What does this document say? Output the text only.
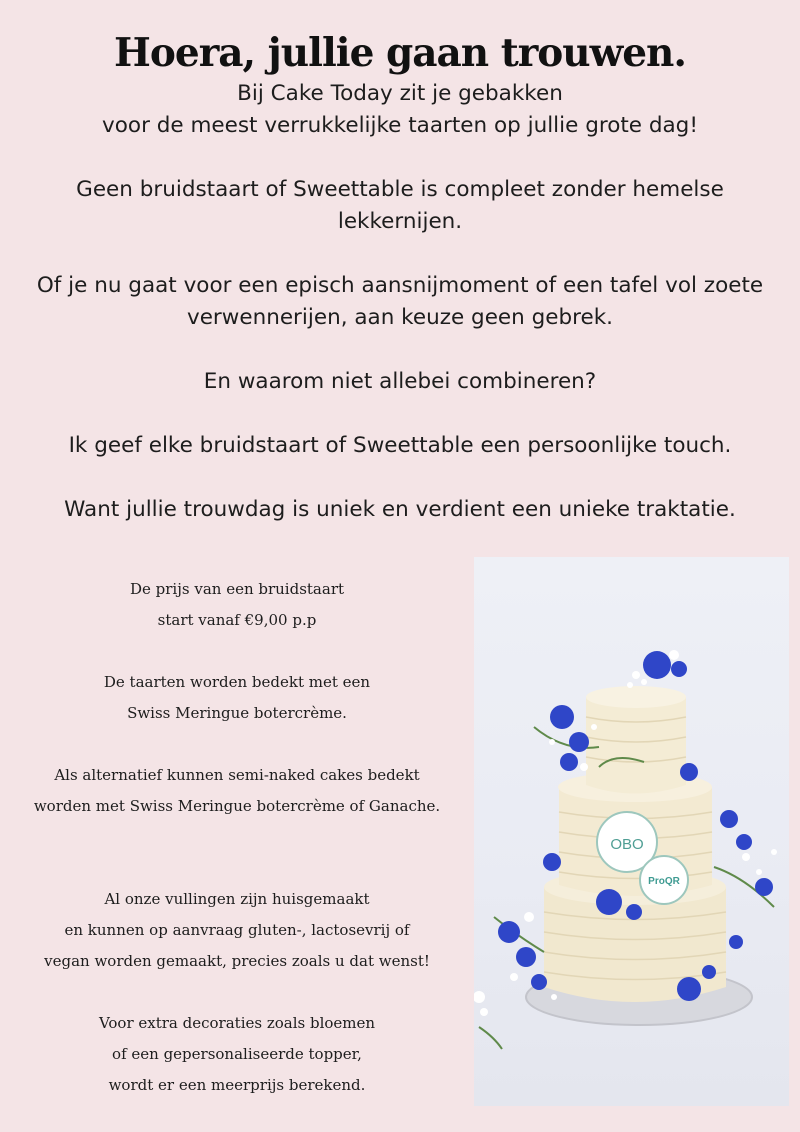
Hoera, jullie gaan trouwen.

Bij Cake Today zit je gebakken
voor de meest verrukkelijke taarten op jullie grote dag!

Geen bruidstaart of Sweettable is compleet zonder hemelse
lekkernijen.

Of je nu gaat voor een episch aansnijmoment of een tafel vol zoete
verwennerijen, aan keuze geen gebrek.

En waarom niet allebei combineren?

Ik geef elke bruidstaart of Sweettable een persoonlijke touch.

Want jullie trouwdag is uniek en verdient een unieke traktatie.

De prijs van een bruidstaart
start vanaf €9,00 p.p

De taarten worden bedekt met een
Swiss Meringue botercrème.

Als alternatief kunnen semi-naked cakes bedekt
worden met Swiss Meringue botercrème of Ganache.

Al onze vullingen zijn huisgemaakt
en kunnen op aanvraag gluten-, lactosevrij of
vegan worden gemaakt, precies zoals u dat wenst!

Voor extra decoraties zoals bloemen
of een gepersonaliseerde topper,
wordt er een meerprijs berekend.

OBO
ProQR
